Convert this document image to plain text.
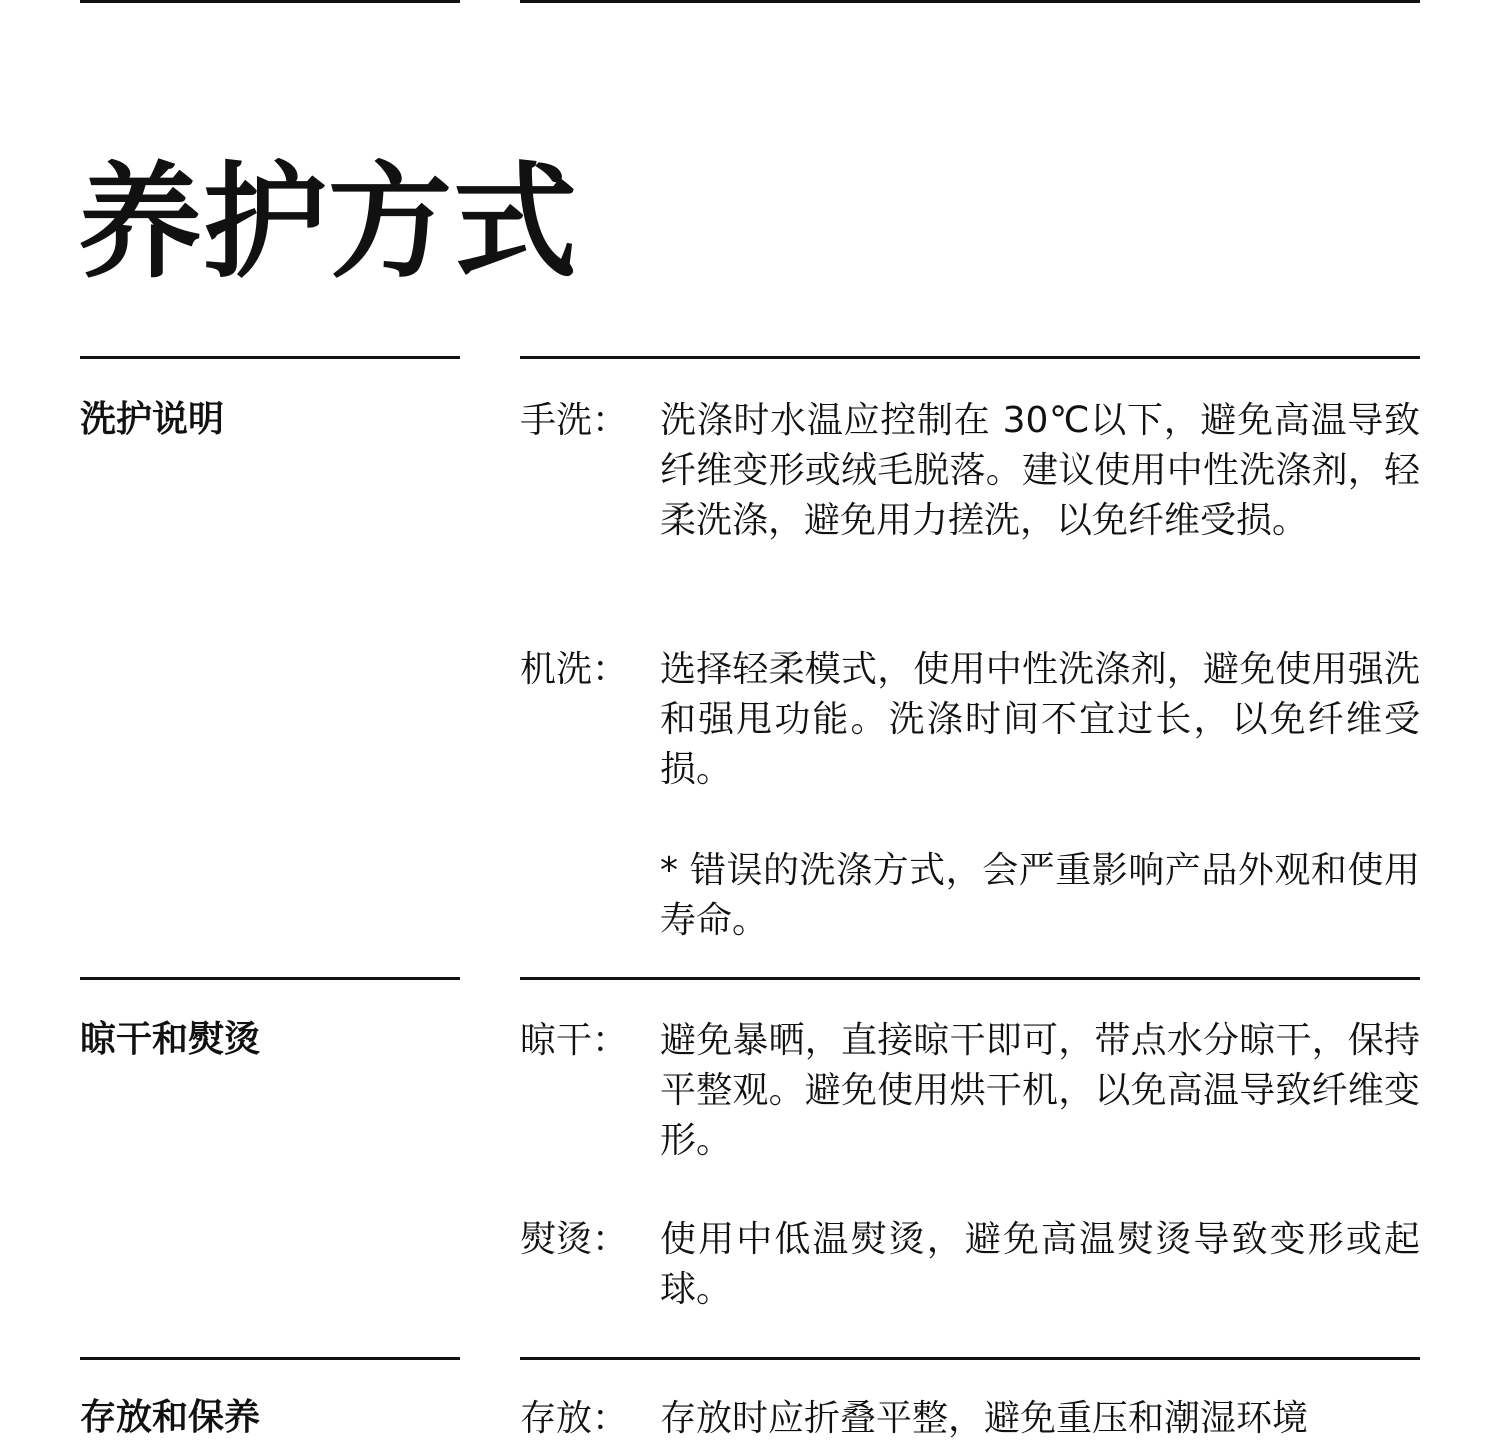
养护方式
洗护说明	手洗： 洗涤时水温应控制在 30℃以下，避免高温导致纤维变形或绒毛脱落。建议使用中性洗涤剂，轻柔洗涤，避免用力搓洗，以免纤维受损。
机洗： 选择轻柔模式，使用中性洗涤剂，避免使用强洗和强甩功能。洗涤时间不宜过长，以免纤维受损。
* 错误的洗涤方式，会严重影响产品外观和使用寿命。
晾干和熨烫	晾干： 避免暴晒，直接晾干即可，带点水分晾干，保持平整观。避免使用烘干机，以免高温导致纤维变形。
熨烫： 使用中低温熨烫，避免高温熨烫导致变形或起球。
存放和保养	存放： 存放时应折叠平整，避免重压和潮湿环境
